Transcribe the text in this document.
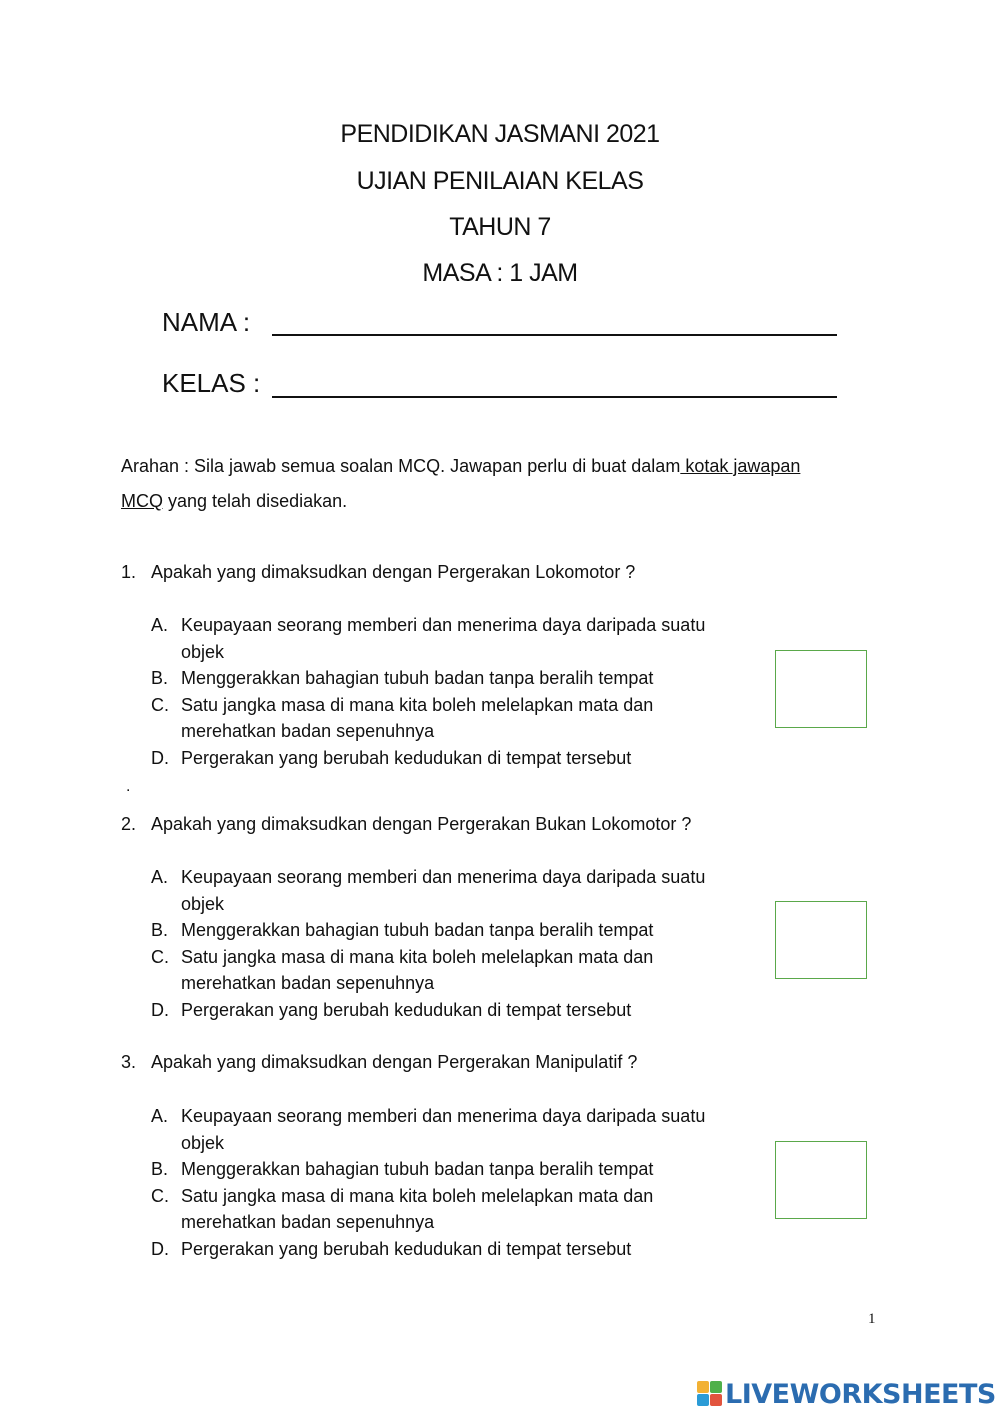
PENDIDIKAN JASMANI 2021
UJIAN PENILAIAN KELAS
TAHUN 7
MASA : 1 JAM
NAMA :
KELAS :
Arahan : Sila jawab semua soalan MCQ. Jawapan perlu di buat dalam kotak jawapan MCQ yang telah disediakan.
1. Apakah yang dimaksudkan dengan Pergerakan Lokomotor ?
A. Keupayaan seorang memberi dan menerima daya daripada suatu objek
B. Menggerakkan bahagian tubuh badan tanpa beralih tempat
C. Satu jangka masa di mana kita boleh melelapkan mata dan merehatkan badan sepenuhnya
D. Pergerakan yang berubah kedudukan di tempat tersebut
.
2. Apakah yang dimaksudkan dengan Pergerakan Bukan Lokomotor ?
A. Keupayaan seorang memberi dan menerima daya daripada suatu objek
B. Menggerakkan bahagian tubuh badan tanpa beralih tempat
C. Satu jangka masa di mana kita boleh melelapkan mata dan merehatkan badan sepenuhnya
D. Pergerakan yang berubah kedudukan di tempat tersebut
3. Apakah yang dimaksudkan dengan Pergerakan Manipulatif ?
A. Keupayaan seorang memberi dan menerima daya daripada suatu objek
B. Menggerakkan bahagian tubuh badan tanpa beralih tempat
C. Satu jangka masa di mana kita boleh melelapkan mata dan merehatkan badan sepenuhnya
D. Pergerakan yang berubah kedudukan di tempat tersebut
1
LIVEWORKSHEETS
